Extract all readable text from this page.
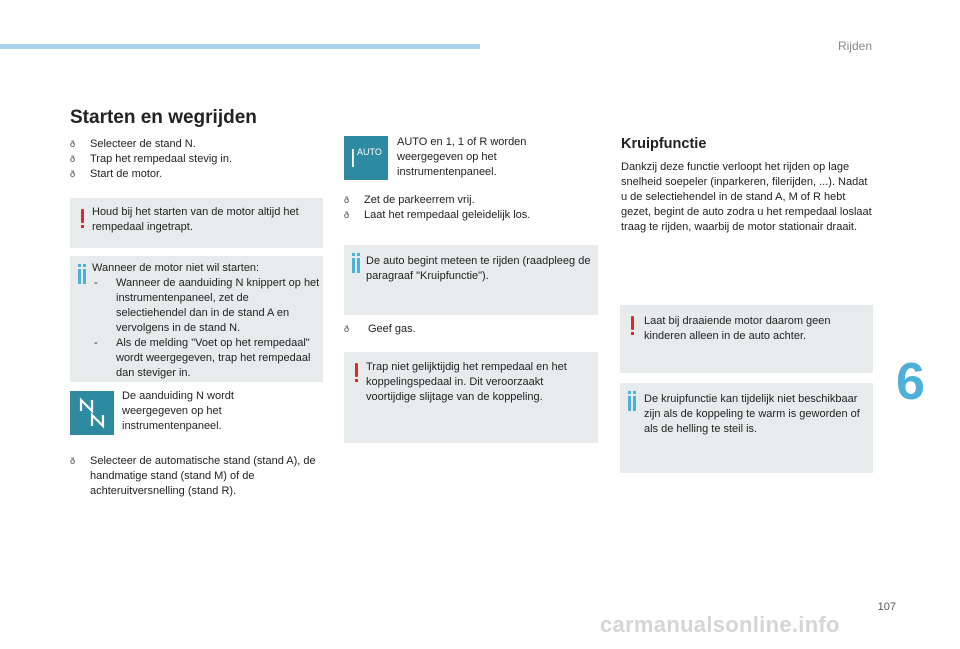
Rijden
6
107
carmanualsonline.info
Starten en wegrijden
ð Selecteer de stand N.
ð Trap het rempedaal stevig in.
ð Start de motor.
Houd bij het starten van de motor altijd het rempedaal ingetrapt.
Wanneer de motor niet wil starten:
- Wanneer de aanduiding N knippert op het instrumentenpaneel, zet de selectiehendel dan in de stand A en vervolgens in de stand N.
- Als de melding "Voet op het rempedaal" wordt weergegeven, trap het rempedaal dan steviger in.
De aanduiding N wordt weergegeven op het instrumentenpaneel.
ð Selecteer de automatische stand (stand A), de handmatige stand (stand M) of de achteruitversnelling (stand R).
AUTO
AUTO en 1, 1 of R worden weergegeven op het instrumentenpaneel.
ð Zet de parkeerrem vrij.
ð Laat het rempedaal geleidelijk los.
De auto begint meteen te rijden (raadpleeg de paragraaf "Kruipfunctie").
ð Geef gas.
Trap niet gelijktijdig het rempedaal en het koppelingspedaal in. Dit veroorzaakt voortijdige slijtage van de koppeling.
Kruipfunctie
Dankzij deze functie verloopt het rijden op lage snelheid soepeler (inparkeren, filerijden, ...). Nadat u de selectiehendel in de stand A, M of R hebt gezet, begint de auto zodra u het rempedaal loslaat traag te rijden, waarbij de motor stationair draait.
Laat bij draaiende motor daarom geen kinderen alleen in de auto achter.
De kruipfunctie kan tijdelijk niet beschikbaar zijn als de koppeling te warm is geworden of als de helling te steil is.
